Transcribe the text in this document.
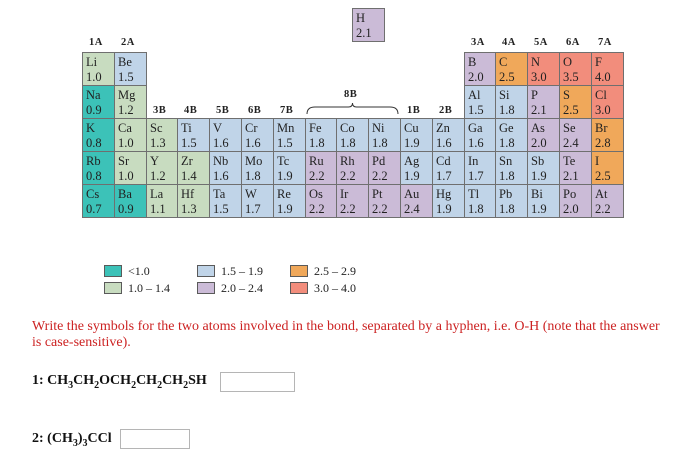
H
2.1
Li
1.0
Be
1.5
B
2.0
C
2.5
N
3.0
O
3.5
F
4.0
Na
0.9
Mg
1.2
Al
1.5
Si
1.8
P
2.1
S
2.5
Cl
3.0
K
0.8
Ca
1.0
Sc
1.3
Ti
1.5
V
1.6
Cr
1.6
Mn
1.5
Fe
1.8
Co
1.8
Ni
1.8
Cu
1.9
Zn
1.6
Ga
1.6
Ge
1.8
As
2.0
Se
2.4
Br
2.8
Rb
0.8
Sr
1.0
Y
1.2
Zr
1.4
Nb
1.6
Mo
1.8
Tc
1.9
Ru
2.2
Rh
2.2
Pd
2.2
Ag
1.9
Cd
1.7
In
1.7
Sn
1.8
Sb
1.9
Te
2.1
I
2.5
Cs
0.7
Ba
0.9
La
1.1
Hf
1.3
Ta
1.5
W
1.7
Re
1.9
Os
2.2
Ir
2.2
Pt
2.2
Au
2.4
Hg
1.9
Tl
1.8
Pb
1.8
Bi
1.9
Po
2.0
At
2.2
1A 2A	3A 4A 5A 6A 7A
3B 4B 5B 6B 7B	1B 2B
8B
<1.0
1.0 – 1.4
1.5 – 1.9
2.0 – 2.4
2.5 – 2.9
3.0 – 4.0
Write the symbols for the two atoms involved in the bond, separated by a hyphen, i.e. O-H (note that the answer is case-sensitive).
1: $CH_3CH_2OCH_2CH_2CH_2SH$
2: $(CH_3)_3CCl$
